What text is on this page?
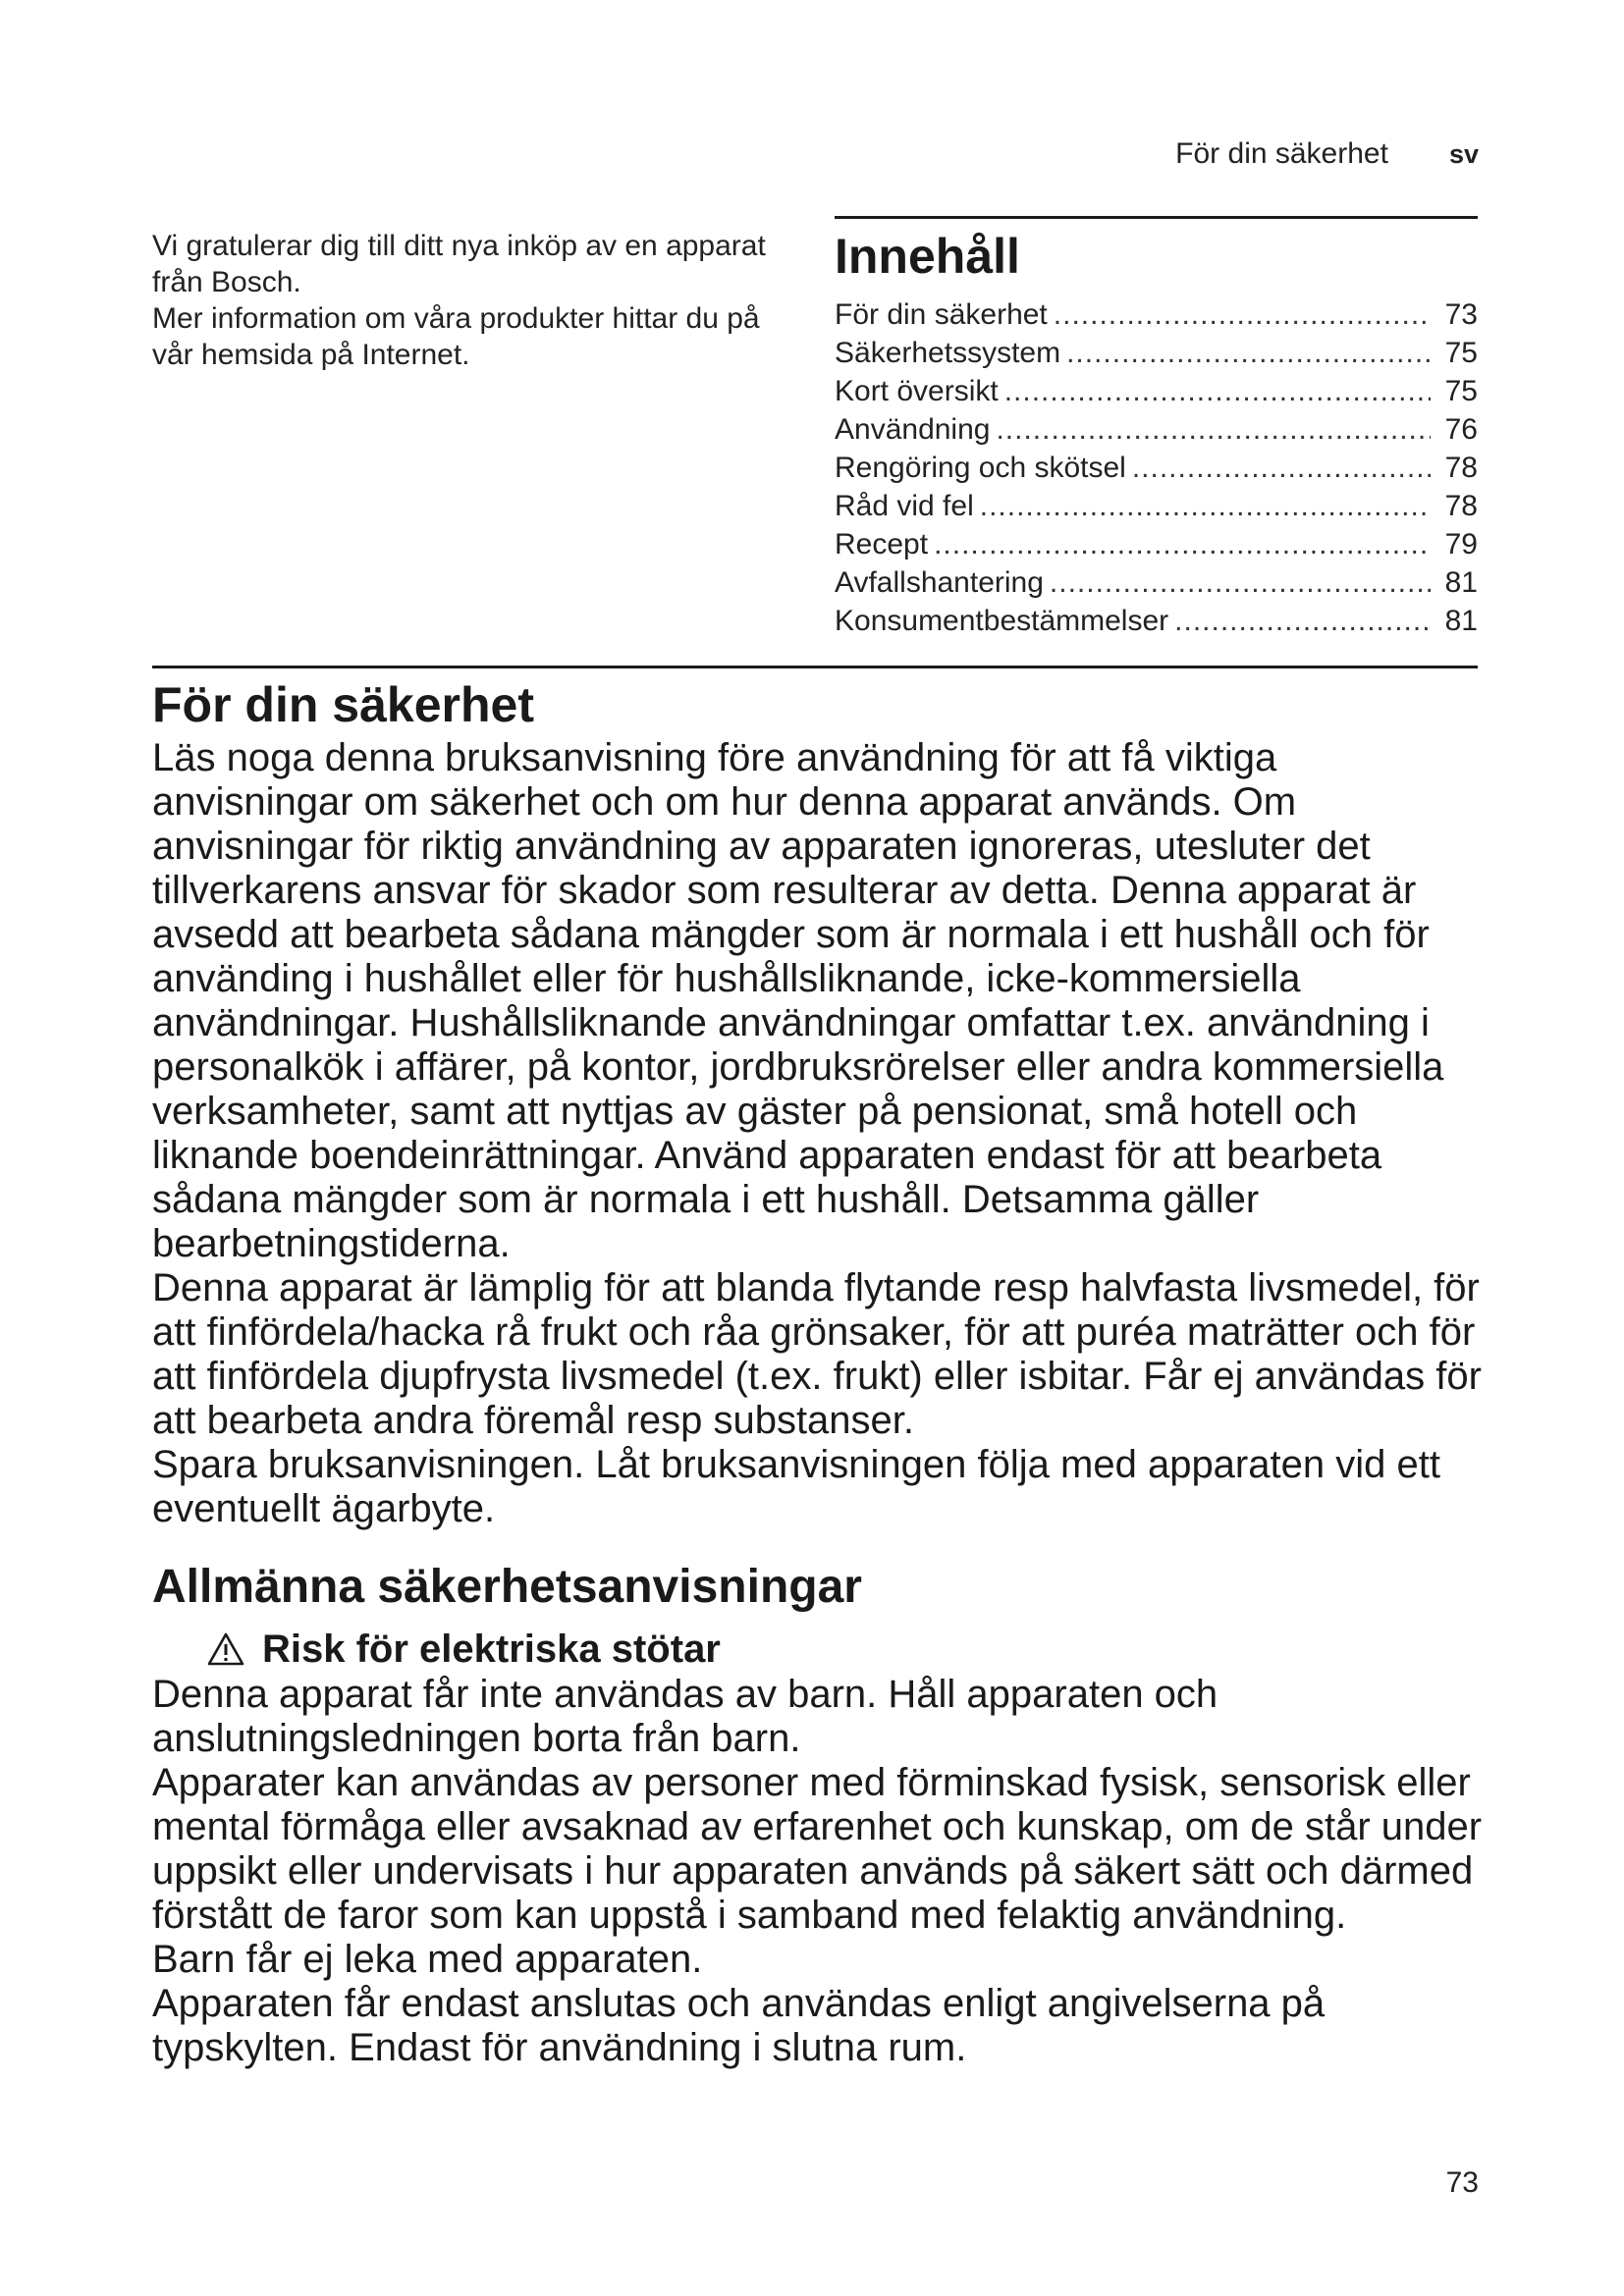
För din säkerhet sv

Vi gratulerar dig till ditt nya inköp av en apparat från Bosch.

Mer information om våra produkter hittar du på vår hemsida på Internet.

Innehåll
För din säkerhet .....	73
Säkerhetssystem .....	75
Kort översikt .....	75
Användning .....	76
Rengöring och skötsel .....	78
Råd vid fel .....	78
Recept .....	79
Avfallshantering .....	81
Konsumentbestämmelser .....	81
För din säkerhet

Läs noga denna bruksanvisning före användning för att få viktiga anvisningar om säkerhet och om hur denna apparat används. Om anvisningar för riktig användning av apparaten ignoreras, utesluter det tillverkarens ansvar för skador som resulterar av detta. Denna apparat är avsedd att bearbeta sådana mängder som är normala i ett hushåll och för använding i hushållet eller för hushållsliknande, icke-kommersiella användningar. Hushållsliknande användningar omfattar t.ex. användning i personalkök i affärer, på kontor, jordbruksrörelser eller andra kommersiella verksamheter, samt att nyttjas av gäster på pensionat, små hotell och liknande boendeinrättningar. Använd apparaten endast för att bearbeta sådana mängder som är normala i ett hushåll. Detsamma gäller bearbetningstiderna.

Denna apparat är lämplig för att blanda flytande resp halvfasta livsmedel, för att finfördela/hacka rå frukt och råa grönsaker, för att puréa maträtter och för att finfördela djupfrysta livsmedel (t.ex. frukt) eller isbitar. Får ej användas för att bearbeta andra föremål resp substanser.

Spara bruksanvisningen. Låt bruksanvisningen följa med apparaten vid ett eventuellt ägarbyte.

Allmänna säkerhetsanvisningar
Risk för elektriska stötar

Denna apparat får inte användas av barn. Håll apparaten och anslutningsledningen borta från barn.

Apparater kan användas av personer med förminskad fysisk, sensorisk eller mental förmåga eller avsaknad av erfarenhet och kunskap, om de står under uppsikt eller undervisats i hur apparaten används på säkert sätt och därmed förstått de faror som kan uppstå i samband med felaktig användning.

Barn får ej leka med apparaten.

Apparaten får endast anslutas och användas enligt angivelserna på typskylten. Endast för användning i slutna rum.

73
